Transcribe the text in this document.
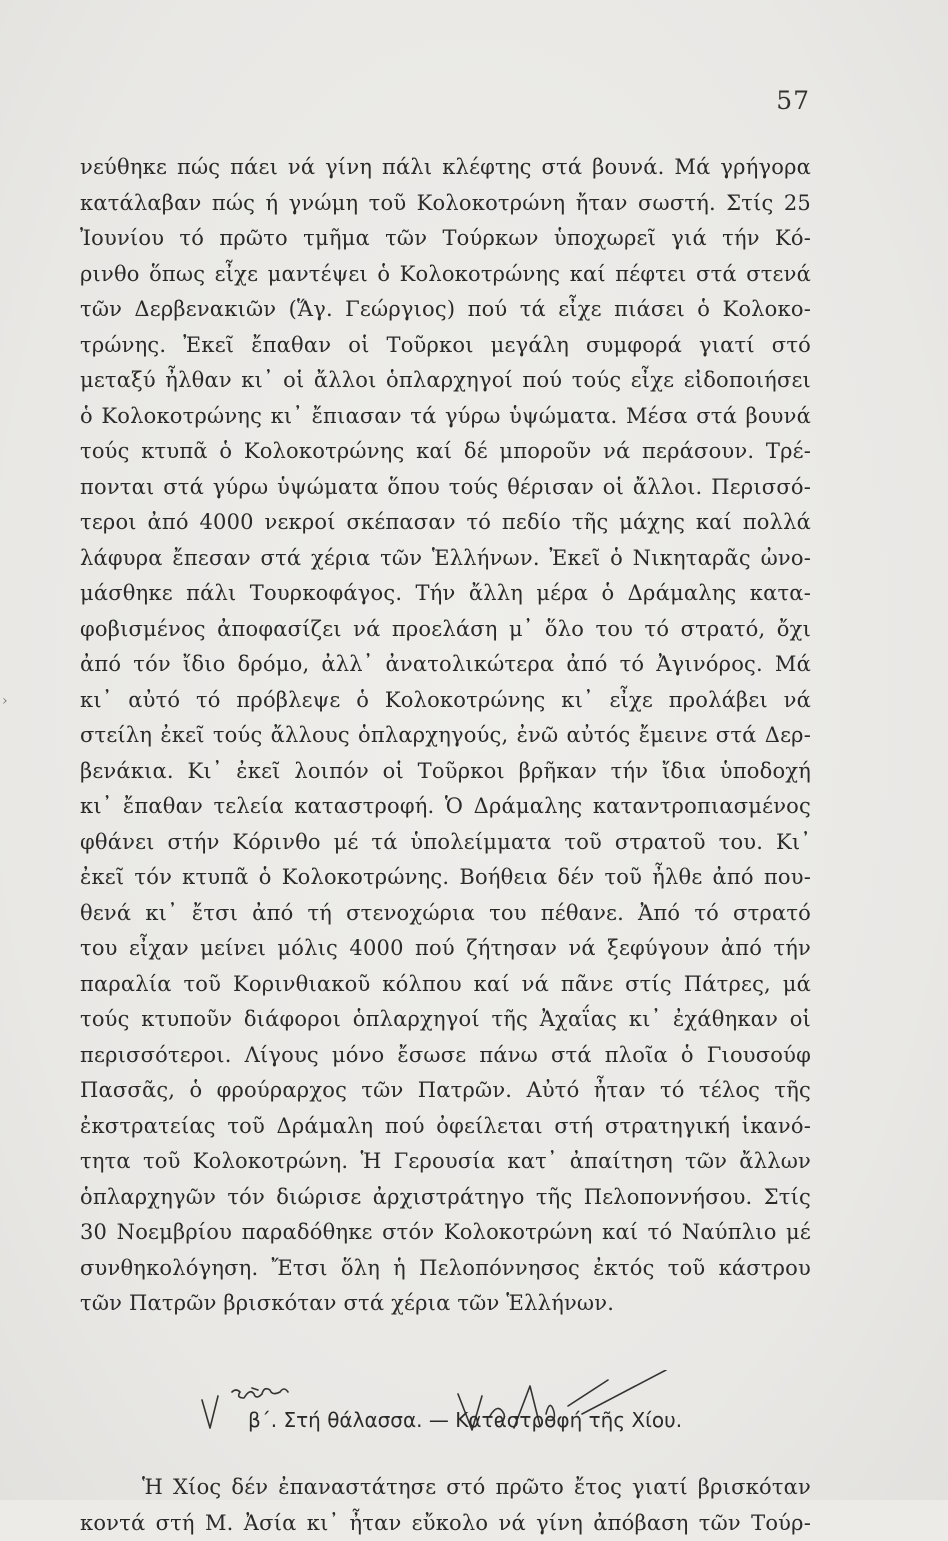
57
›
νεύθηκε πώς πάει νά γίνη πάλι κλέφτης στά βουνά. Μά γρήγορα
κατάλαβαν πώς ή γνώμη τοῦ Κολοκοτρώνη ἤταν σωστή. Στίς 25
Ἰουνίου τό πρῶτο τμῆμα τῶν Τούρκων ὑποχωρεῖ γιά τήν Κό-
ρινθο ὅπως εἶχε μαντέψει ὁ Κολοκοτρώνης καί πέφτει στά στενά
τῶν Δερβενακιῶν (Ἅγ. Γεώργιος) πού τά εἶχε πιάσει ὁ Κολοκο-
τρώνης. Ἐκεῖ ἔπαθαν οἱ Τοῦρκοι μεγάλη συμφορά γιατί στό
μεταξύ ἦλθαν κι᾿ οἱ ἄλλοι ὁπλαρχηγοί πού τούς εἶχε εἰδοποιήσει
ὁ Κολοκοτρώνης κι᾿ ἔπιασαν τά γύρω ὑψώματα. Μέσα στά βουνά
τούς κτυπᾶ ὁ Κολοκοτρώνης καί δέ μποροῦν νά περάσουν. Τρέ-
πονται στά γύρω ὑψώματα ὅπου τούς θέρισαν οἱ ἄλλοι. Περισσό-
τεροι ἀπό 4000 νεκροί σκέπασαν τό πεδίο τῆς μάχης καί πολλά
λάφυρα ἔπεσαν στά χέρια τῶν Ἑλλήνων. Ἐκεῖ ὁ Νικηταρᾶς ὠνο-
μάσθηκε πάλι Τουρκοφάγος. Τήν ἄλλη μέρα ὁ Δράμαλης κατα-
φοβισμένος ἀποφασίζει νά προελάση μ᾿ ὅλο του τό στρατό, ὄχι
ἀπό τόν ἴδιο δρόμο, ἀλλ᾿ ἀνατολικώτερα ἀπό τό Ἀγινόρος. Μά
κι᾿ αὐτό τό πρόβλεψε ὁ Κολοκοτρώνης κι᾿ εἶχε προλάβει νά
στείλη ἐκεῖ τούς ἄλλους ὁπλαρχηγούς, ἐνῶ αὐτός ἔμεινε στά Δερ-
βενάκια. Κι᾿ ἐκεῖ λοιπόν οἱ Τοῦρκοι βρῆκαν τήν ἴδια ὑποδοχή
κι᾿ ἔπαθαν τελεία καταστροφή. Ὁ Δράμαλης καταντροπιασμένος
φθάνει στήν Κόρινθο μέ τά ὑπολείμματα τοῦ στρατοῦ του. Κι᾿
ἐκεῖ τόν κτυπᾶ ὁ Κολοκοτρώνης. Βοήθεια δέν τοῦ ἦλθε ἀπό που-
θενά κι᾿ ἔτσι ἀπό τή στενοχώρια του πέθανε. Ἀπό τό στρατό
του εἶχαν μείνει μόλις 4000 πού ζήτησαν νά ξεφύγουν ἀπό τήν
παραλία τοῦ Κορινθιακοῦ κόλπου καί νά πᾶνε στίς Πάτρες, μά
τούς κτυποῦν διάφοροι ὁπλαρχηγοί τῆς Ἀχαΐας κι᾿ ἐχάθηκαν οἱ
περισσότεροι. Λίγους μόνο ἔσωσε πάνω στά πλοῖα ὁ Γιουσούφ
Πασσᾶς, ὁ φρούραρχος τῶν Πατρῶν. Αὐτό ἦταν τό τέλος τῆς
ἐκστρατείας τοῦ Δράμαλη πού ὀφείλεται στή στρατηγική ἱκανό-
τητα τοῦ Κολοκοτρώνη. Ἡ Γερουσία κατ᾿ ἀπαίτηση τῶν ἄλλων
ὁπλαρχηγῶν τόν διώρισε ἀρχιστράτηγο τῆς Πελοποννήσου. Στίς
30 Νοεμβρίου παραδόθηκε στόν Κολοκοτρώνη καί τό Ναύπλιο μέ
συνθηκολόγηση. Ἔτσι ὅλη ἡ Πελοπόννησος ἐκτός τοῦ κάστρου
τῶν Πατρῶν βρισκόταν στά χέρια τῶν Ἑλλήνων.
β΄. Στή θάλασσα. — Καταστροφή τῆς Χίου.
Ἡ Χίος δέν ἐπαναστάτησε στό πρῶτο ἔτος γιατί βρισκόταν
κοντά στή Μ. Ἀσία κι᾿ ἦταν εὔκολο νά γίνη ἀπόβαση τῶν Τούρ-
